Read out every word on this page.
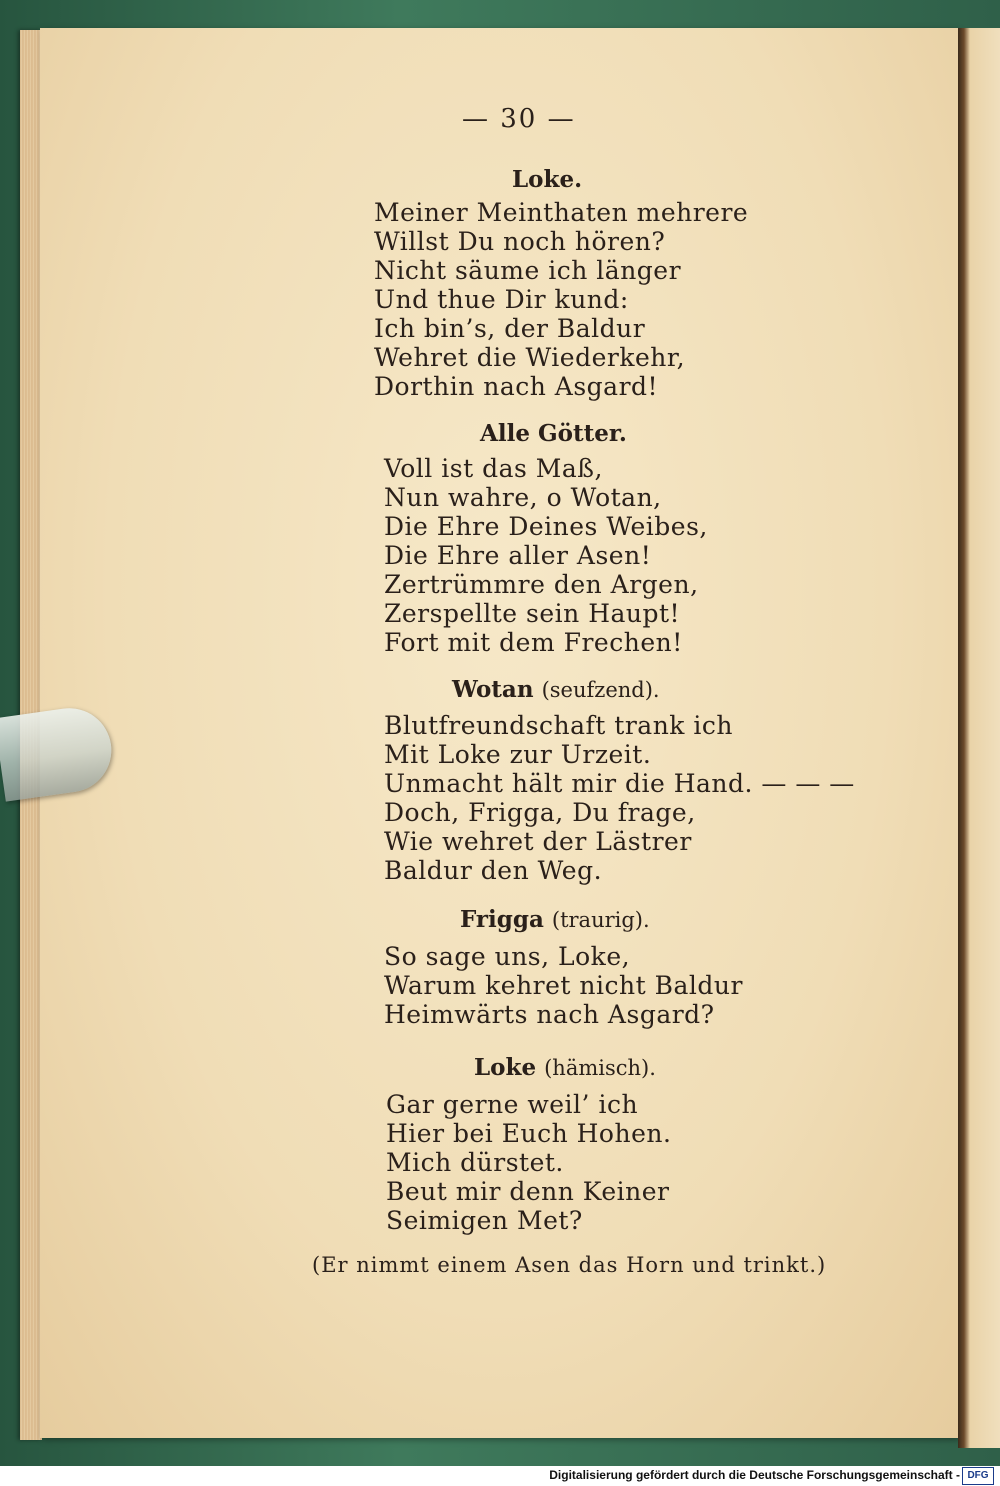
— 30 —

Loke.

Meiner Meinthaten mehrere

Willst Du noch hören?

Nicht säume ich länger

Und thue Dir kund:

Ich bin’s, der Baldur

Wehret die Wiederkehr,

Dorthin nach Asgard!

Alle Götter.

Voll ist das Maß,

Nun wahre, o Wotan,

Die Ehre Deines Weibes,

Die Ehre aller Asen!

Zertrümmre den Argen,

Zerspellte sein Haupt!

Fort mit dem Frechen!

Wotan (seufzend).

Blutfreundschaft trank ich

Mit Loke zur Urzeit.

Unmacht hält mir die Hand. — — —

Doch, Frigga, Du frage,

Wie wehret der Lästrer

Baldur den Weg.

Frigga (traurig).

So sage uns, Loke,

Warum kehret nicht Baldur

Heimwärts nach Asgard?

Loke (hämisch).

Gar gerne weil’ ich

Hier bei Euch Hohen.

Mich dürstet.

Beut mir denn Keiner

Seimigen Met?

(Er nimmt einem Asen das Horn und trinkt.)

Digitalisierung gefördert durch die Deutsche Forschungsgemeinschaft - DFG
